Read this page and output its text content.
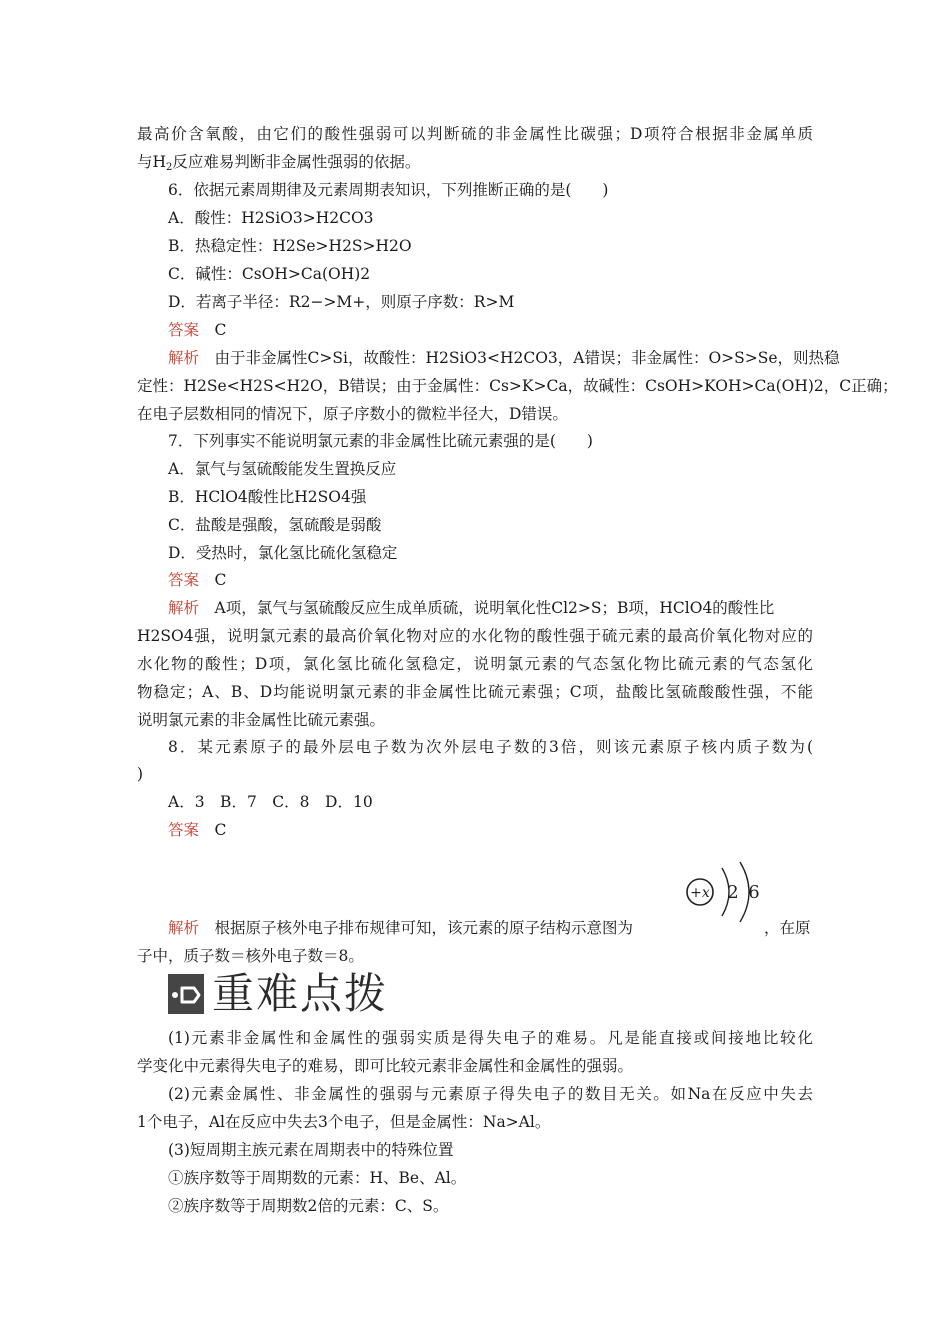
最高价含氧酸，由它们的酸性强弱可以判断硫的非金属性比碳强；D项符合根据非金属单质
与$H_2$反应难易判断非金属性强弱的依据。
6．依据元素周期律及元素周期表知识，下列推断正确的是(　　)
A．酸性：H2SiO3>H2CO3
B．热稳定性：H2Se>H2S>H2O
C．碱性：CsOH>Ca(OH)2
D．若离子半径：R2−>M+，则原子序数：R>M
答案　 C
解析　 由于非金属性C>Si，故酸性：H2SiO3<H2CO3，A错误；非金属性：O>S>Se，则热稳
定性：H2Se<H2S<H2O，B错误；由于金属性：Cs>K>Ca，故碱性：CsOH>KOH>Ca(OH)2，C正确；
在电子层数相同的情况下，原子序数小的微粒半径大，D错误。
7．下列事实不能说明氯元素的非金属性比硫元素强的是(　　)
A．氯气与氢硫酸能发生置换反应
B．HClO4酸性比H2SO4强
C．盐酸是强酸，氢硫酸是弱酸
D．受热时，氯化氢比硫化氢稳定
答案　 C
解析　 A项，氯气与氢硫酸反应生成单质硫，说明氧化性Cl2>S；B项，HClO4的酸性比
H2SO4强，说明氯元素的最高价氧化物对应的水化物的酸性强于硫元素的最高价氧化物对应的
水化物的酸性；D项，氯化氢比硫化氢稳定，说明氯元素的气态氢化物比硫元素的气态氢化
物稳定；A、B、D均能说明氯元素的非金属性比硫元素强；C项，盐酸比氢硫酸酸性强，不能
说明氯元素的非金属性比硫元素强。
8．某元素原子的最外层电子数为次外层电子数的3倍，则该元素原子核内质子数为(
)
A．3　B．7　C．8　D．10
答案　 C
+x 2 6
解析　 根据原子核外电子排布规律可知，该元素的原子结构示意图为	，在原
子中，质子数＝核外电子数＝8。
重难点拨
(1)元素非金属性和金属性的强弱实质是得失电子的难易。凡是能直接或间接地比较化
学变化中元素得失电子的难易，即可比较元素非金属性和金属性的强弱。
(2)元素金属性、非金属性的强弱与元素原子得失电子的数目无关。如Na在反应中失去
1个电子，Al在反应中失去3个电子，但是金属性：Na>Al。
(3)短周期主族元素在周期表中的特殊位置
①族序数等于周期数的元素：H、Be、Al。
②族序数等于周期数2倍的元素：C、S。
